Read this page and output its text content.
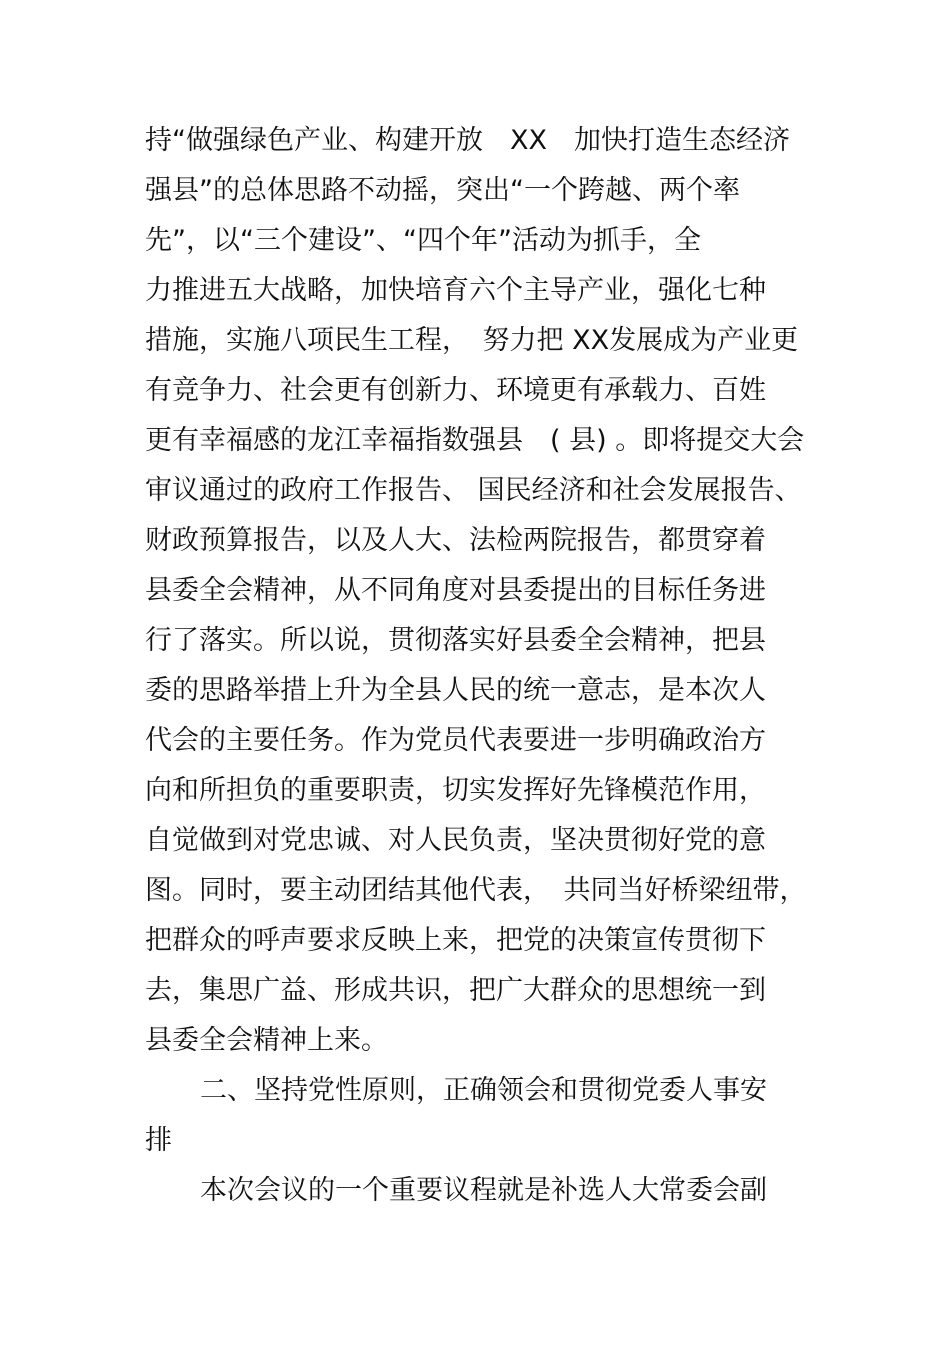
持“做强绿色产业、构建开放　XX　加快打造生态经济
强县”的总体思路不动摇，突出“一个跨越、两个率
先”，以“三个建设”、“四个年”活动为抓手，全
力推进五大战略，加快培育六个主导产业，强化七种
措施，实施八项民生工程，　努力把 XX发展成为产业更
有竞争力、社会更有创新力、环境更有承载力、百姓
更有幸福感的龙江幸福指数强县　( 县) 。即将提交大会
审议通过的政府工作报告、 国民经济和社会发展报告、
财政预算报告，以及人大、法检两院报告，都贯穿着
县委全会精神，从不同角度对县委提出的目标任务进
行了落实。所以说，贯彻落实好县委全会精神，把县
委的思路举措上升为全县人民的统一意志，是本次人
代会的主要任务。作为党员代表要进一步明确政治方
向和所担负的重要职责，切实发挥好先锋模范作用，
自觉做到对党忠诚、对人民负责，坚决贯彻好党的意
图。同时，要主动团结其他代表，　共同当好桥梁纽带，
把群众的呼声要求反映上来，把党的决策宣传贯彻下
去，集思广益、形成共识，把广大群众的思想统一到
县委全会精神上来。
二、坚持党性原则，正确领会和贯彻党委人事安
排
本次会议的一个重要议程就是补选人大常委会副
